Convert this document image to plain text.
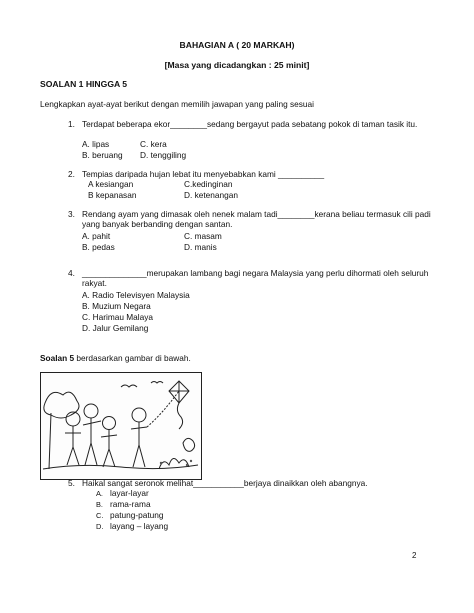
BAHAGIAN A ( 20 MARKAH)
[Masa yang dicadangkan : 25 minit]
SOALAN 1 HINGGA 5
Lengkapkan ayat-ayat berikut dengan memilih jawapan yang paling sesuai
1. Terdapat beberapa ekor________sedang bergayut pada sebatang pokok di taman tasik itu.
A. lipas	C. kera
B. beruang D. tenggiling
2. Tempias daripada hujan lebat itu menyebabkan kami __________
A kesiangan	C.kedinginan
B kepanasan	D. ketenangan
3. Rendang ayam yang dimasak oleh nenek malam tadi________kerana beliau termasuk cili padi yang banyak berbanding dengan santan.
A. pahit	C. masam
B. pedas	D. manis
4. ______________merupakan lambang bagi negara Malaysia yang perlu dihormati oleh seluruh rakyat.
A. Radio Televisyen Malaysia
B. Muzium Negara
C. Harimau Malaya
D. Jalur Gemilang
Soalan 5 berdasarkan gambar di bawah.
5. Haikal sangat seronok melihat___________berjaya dinaikkan oleh abangnya.
A. layar-layar
B. rama-rama
C. patung-patung
D. layang – layang
2
